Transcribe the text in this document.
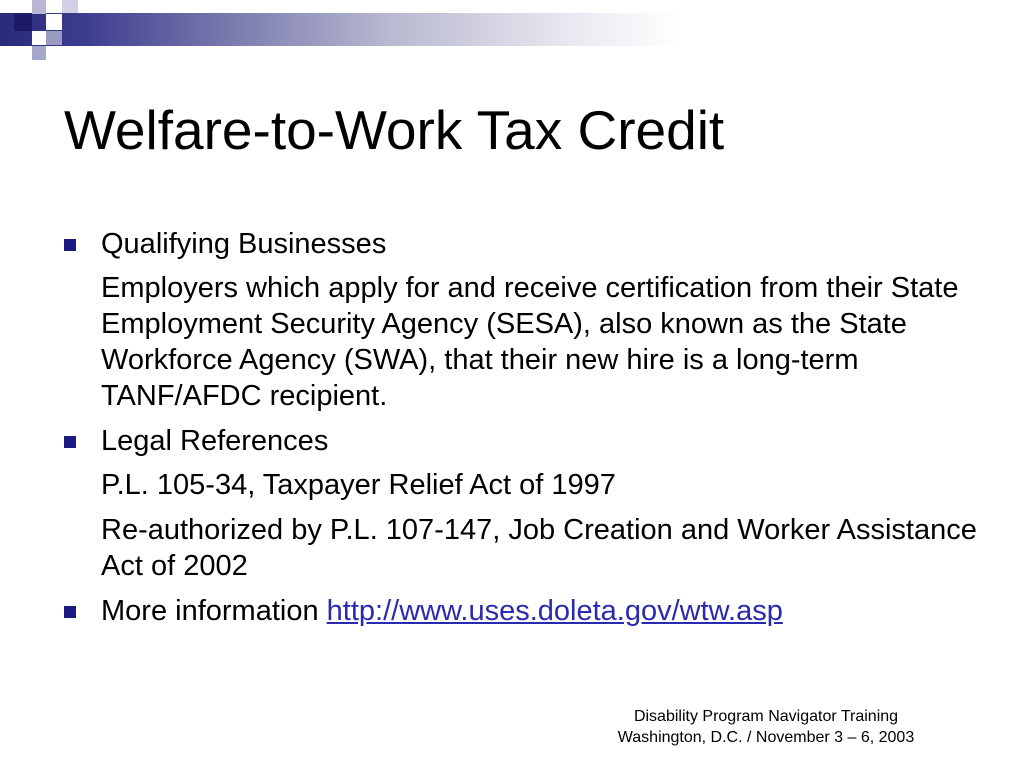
Welfare-to-Work Tax Credit
Qualifying Businesses
Employers which apply for and receive certification from their State Employment Security Agency (SESA), also known as the State Workforce Agency (SWA), that their new hire is a long-term TANF/AFDC recipient.
Legal References
P.L. 105-34, Taxpayer Relief Act of 1997
Re-authorized by P.L. 107-147, Job Creation and Worker Assistance Act of 2002
More information http://www.uses.doleta.gov/wtw.asp
Disability Program Navigator Training
Washington, D.C. / November 3 – 6, 2003
